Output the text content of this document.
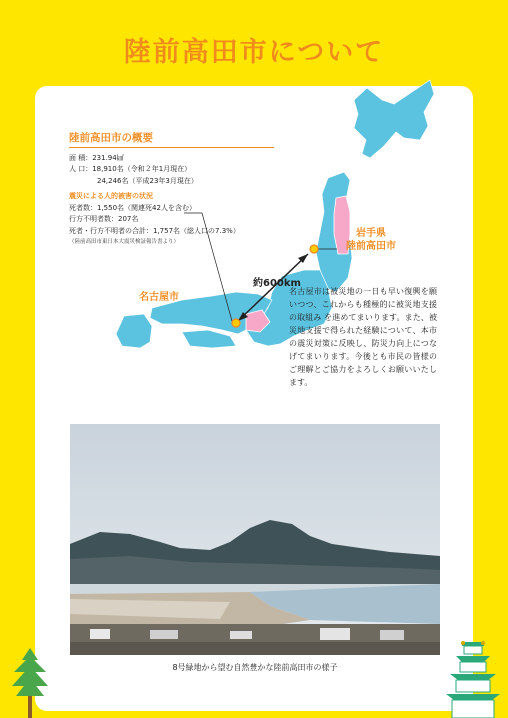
陸前高田市について
陸前高田市の概要
面 積：231.94㎢
人 口：18,910名（令和２年1月現在）
24,246名（平成23年3月現在）
震災による人的被害の状況
死者数：1,550名（関連死42人を含む）
行方不明者数：207名
死者・行方不明者の合計：1,757名（総人口の7.3%）
（陸前高田市東日本大震災検証報告書より）
岩手県
陸前高田市
名古屋市
約600km
名古屋市は被災地の一日も早い復興を願いつつ、これからも種極的に被災地支援の取組み を進めてまいります。また、被災地支援で得られた経験について、本市の震災対策に反映し、防災力向上につなげてまいります。今後とも市民の皆様のご理解とご協力をよろしくお願いいたします。
8号緑地から望む自然豊かな陸前高田市の様子
